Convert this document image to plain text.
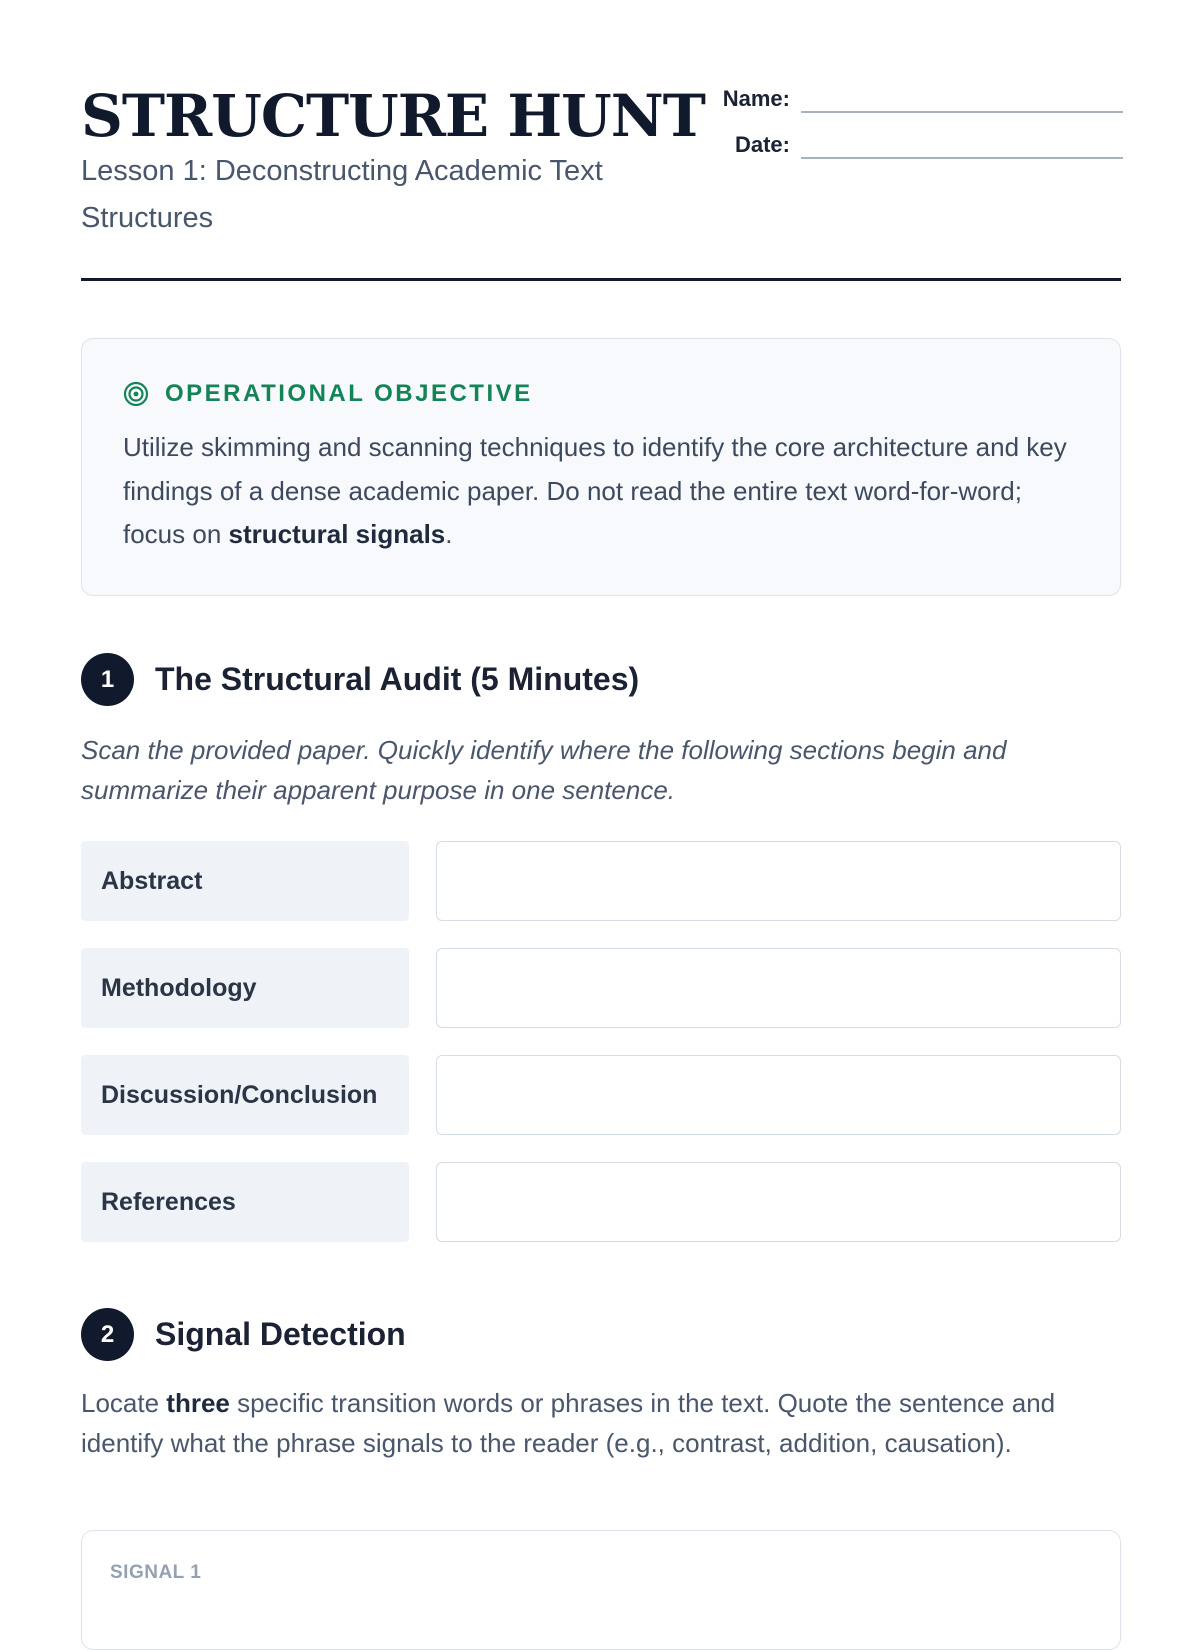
STRUCTURE HUNT
Lesson 1: Deconstructing Academic Text Structures
Name:
Date:
OPERATIONAL OBJECTIVE
Utilize skimming and scanning techniques to identify the core architecture and key findings of a dense academic paper. Do not read the entire text word-for-word; focus on structural signals.
1	The Structural Audit (5 Minutes)
Scan the provided paper. Quickly identify where the following sections begin and summarize their apparent purpose in one sentence.
Abstract
Methodology
Discussion/Conclusion
References
2	Signal Detection
Locate three specific transition words or phrases in the text. Quote the sentence and identify what the phrase signals to the reader (e.g., contrast, addition, causation).
SIGNAL 1
